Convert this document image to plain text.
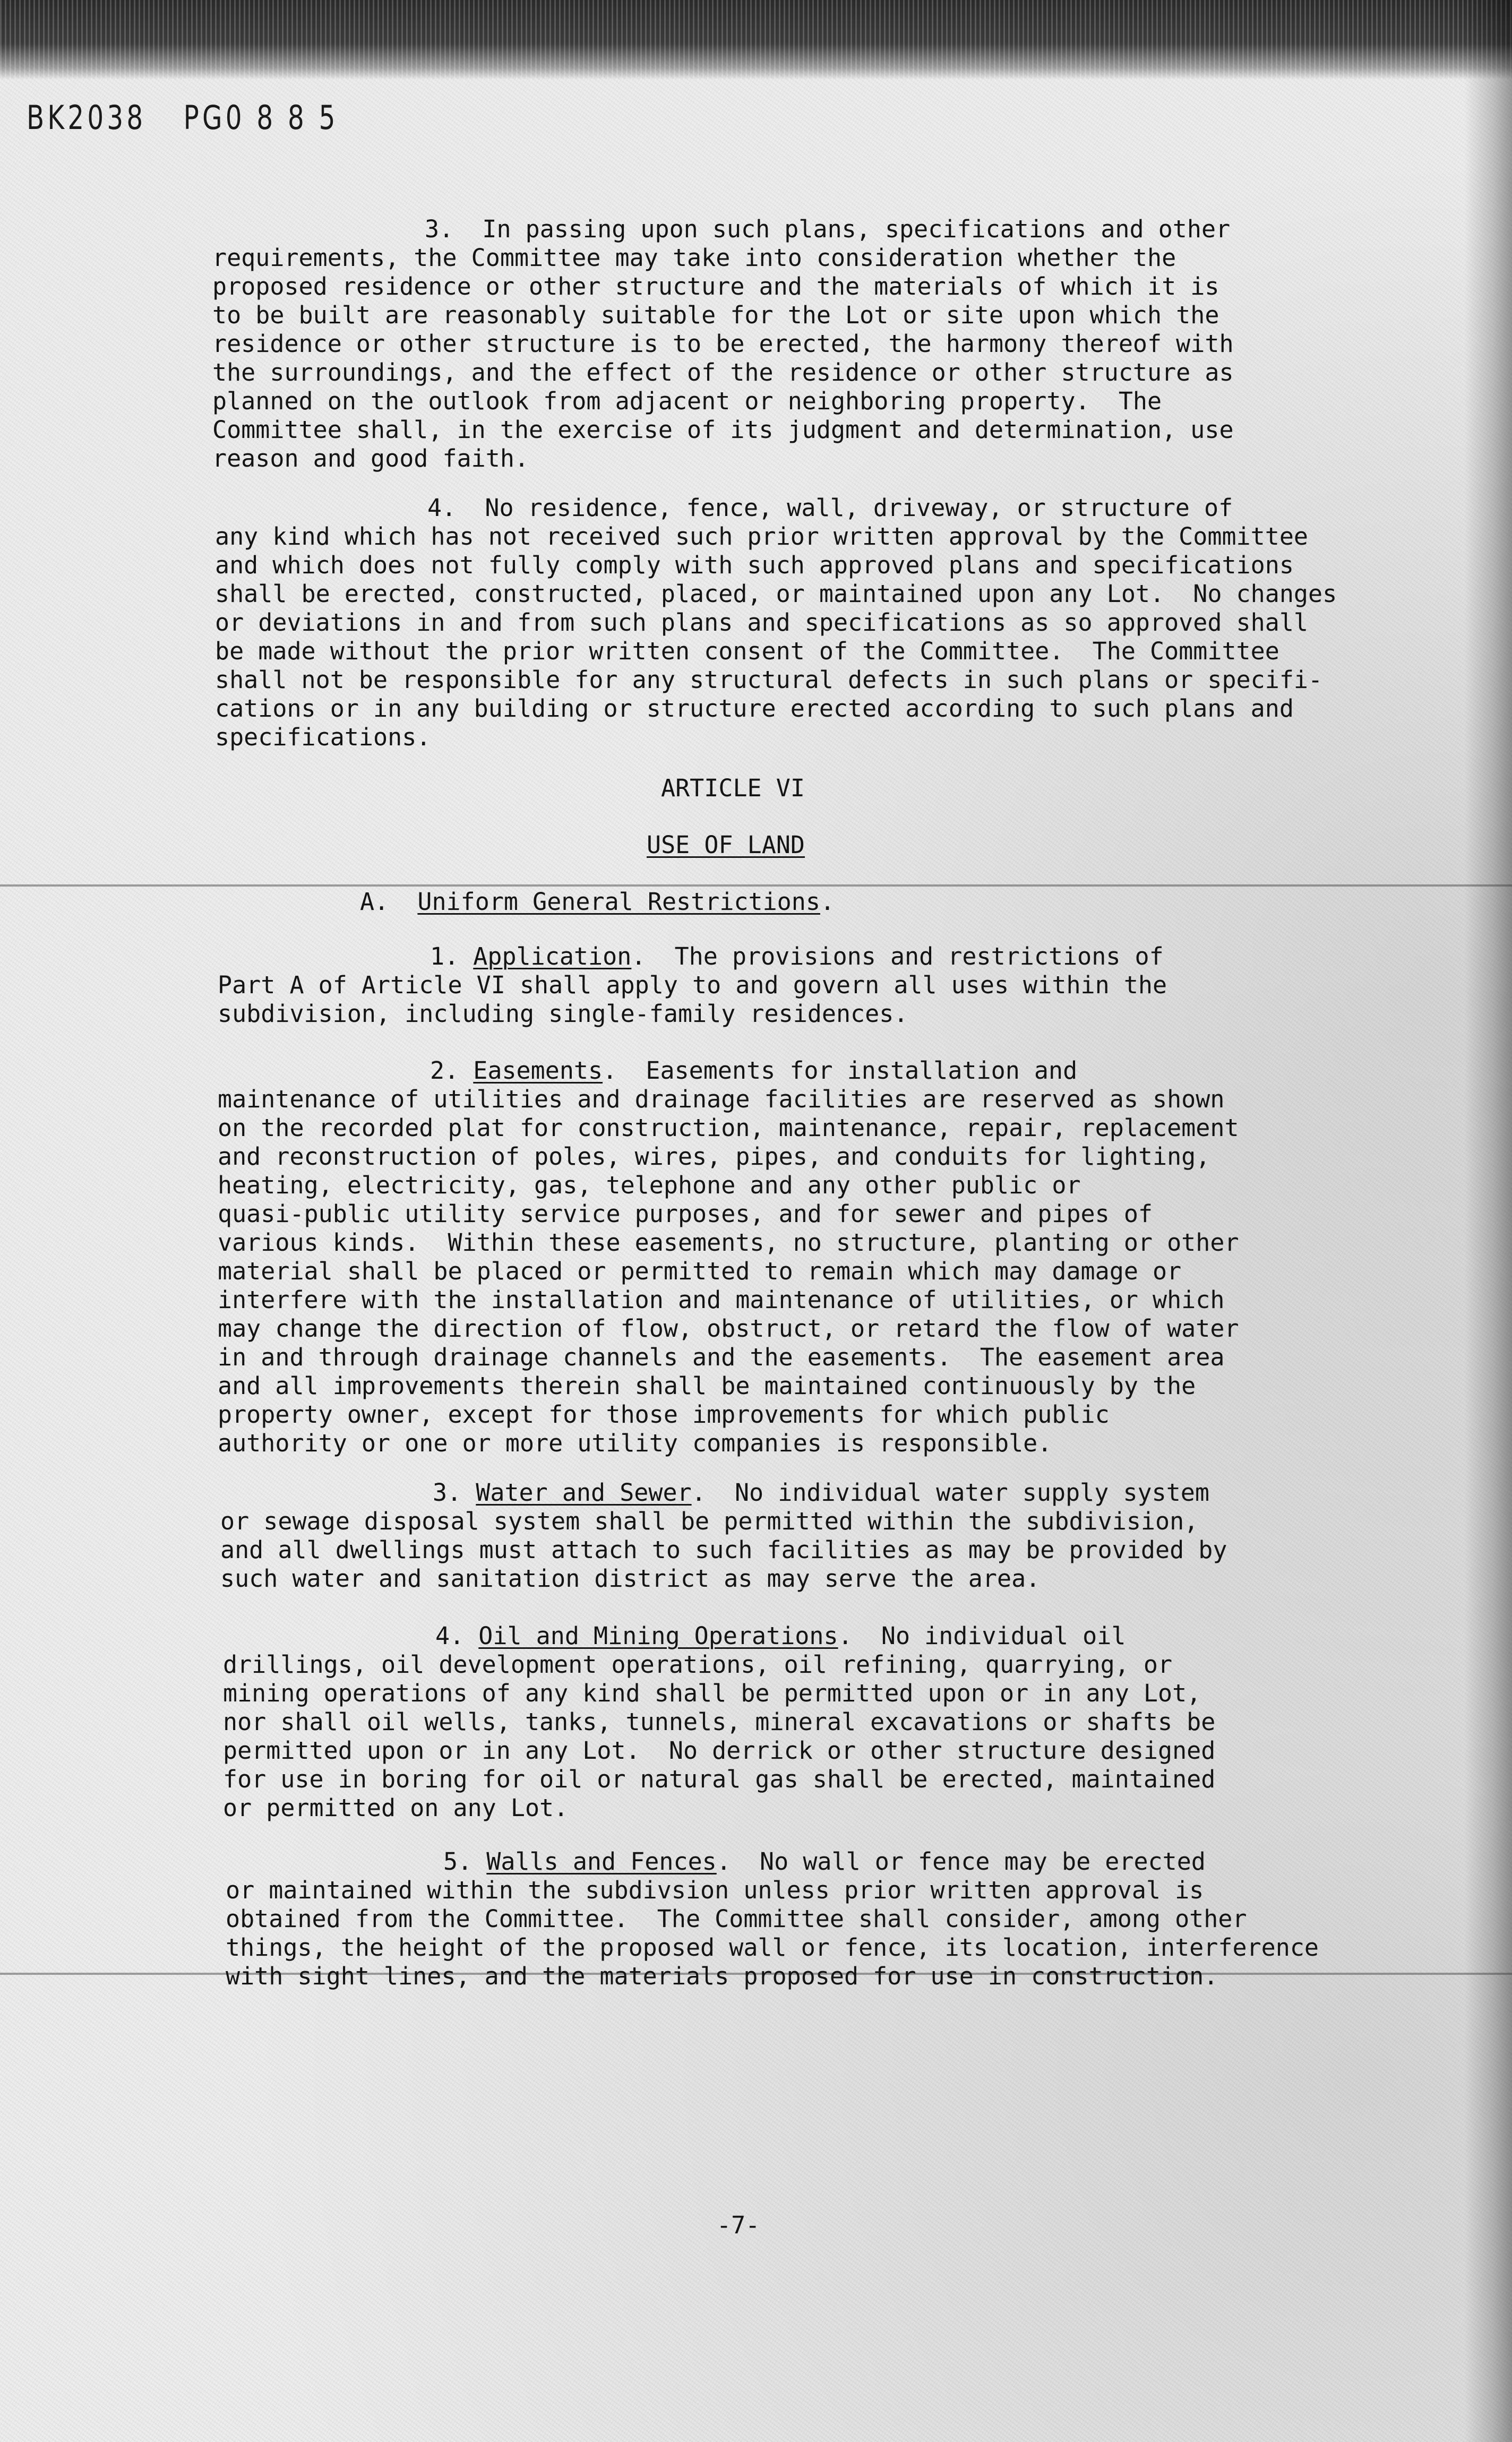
BK2038 PG0 8 8 5
3.  In passing upon such plans, specifications and other
requirements, the Committee may take into consideration whether the
proposed residence or other structure and the materials of which it is
to be built are reasonably suitable for the Lot or site upon which the
residence or other structure is to be erected, the harmony thereof with
the surroundings, and the effect of the residence or other structure as
planned on the outlook from adjacent or neighboring property.  The
Committee shall, in the exercise of its judgment and determination, use
reason and good faith.
4.  No residence, fence, wall, driveway, or structure of
any kind which has not received such prior written approval by the Committee
and which does not fully comply with such approved plans and specifications
shall be erected, constructed, placed, or maintained upon any Lot.  No changes
or deviations in and from such plans and specifications as so approved shall
be made without the prior written consent of the Committee.  The Committee
shall not be responsible for any structural defects in such plans or specifi-
cations or in any building or structure erected according to such plans and
specifications.
ARTICLE VI
USE OF LAND
A. Uniform General Restrictions.
1. Application.  The provisions and restrictions of
Part A of Article VI shall apply to and govern all uses within the
subdivision, including single-family residences.
2. Easements.  Easements for installation and
maintenance of utilities and drainage facilities are reserved as shown
on the recorded plat for construction, maintenance, repair, replacement
and reconstruction of poles, wires, pipes, and conduits for lighting,
heating, electricity, gas, telephone and any other public or
quasi-public utility service purposes, and for sewer and pipes of
various kinds.  Within these easements, no structure, planting or other
material shall be placed or permitted to remain which may damage or
interfere with the installation and maintenance of utilities, or which
may change the direction of flow, obstruct, or retard the flow of water
in and through drainage channels and the easements.  The easement area
and all improvements therein shall be maintained continuously by the
property owner, except for those improvements for which public
authority or one or more utility companies is responsible.
3. Water and Sewer.  No individual water supply system
or sewage disposal system shall be permitted within the subdivision,
and all dwellings must attach to such facilities as may be provided by
such water and sanitation district as may serve the area.
4. Oil and Mining Operations.  No individual oil
drillings, oil development operations, oil refining, quarrying, or
mining operations of any kind shall be permitted upon or in any Lot,
nor shall oil wells, tanks, tunnels, mineral excavations or shafts be
permitted upon or in any Lot.  No derrick or other structure designed
for use in boring for oil or natural gas shall be erected, maintained
or permitted on any Lot.
5. Walls and Fences.  No wall or fence may be erected
or maintained within the subdivsion unless prior written approval is
obtained from the Committee.  The Committee shall consider, among other
things, the height of the proposed wall or fence, its location, interference
with sight lines, and the materials proposed for use in construction.
-7-
